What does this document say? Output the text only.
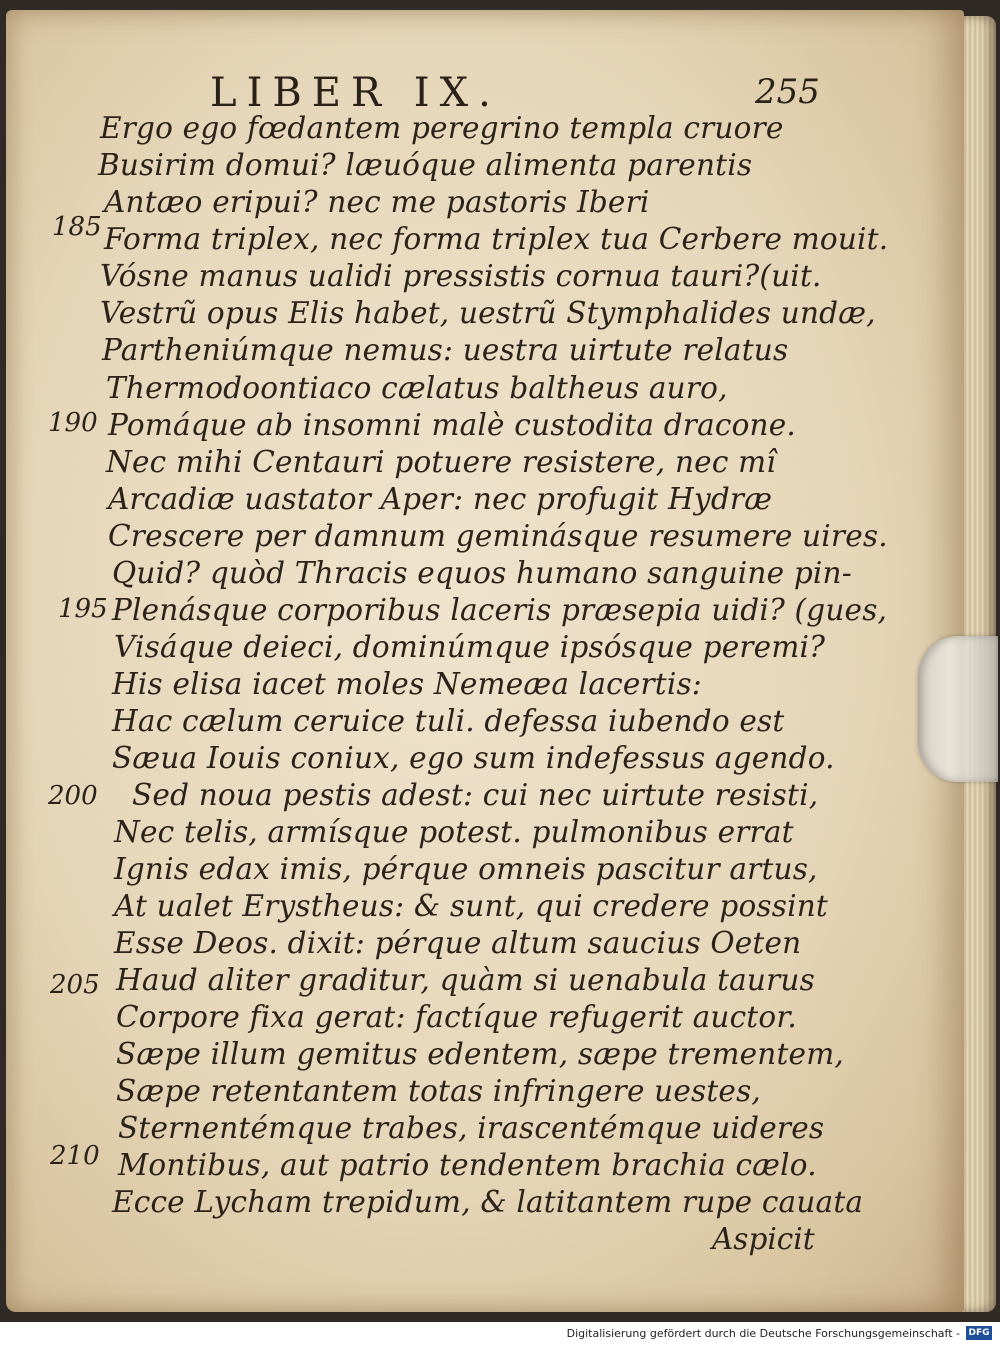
LIBER IX.	255
Ergo ego fœdantem peregrino templa cruore
Busirim domui? læuóque alimenta parentis
Antæo eripui? nec me pastoris Iberi
Forma triplex, nec forma triplex tua Cerbere mouit.
Vósne manus ualidi pressistis cornua tauri?(uit.
Vestrũ opus Elis habet, uestrũ Stymphalides undæ,
Partheniúmque nemus: uestra uirtute relatus
Thermodoontiaco cælatus baltheus auro,
Pomáque ab insomni malè custodita dracone.
Nec mihi Centauri potuere resistere, nec mî
Arcadiæ uastator Aper: nec profugit Hydræ
Crescere per damnum geminásque resumere uires.
Quid? quòd Thracis equos humano sanguine pin-
Plenásque corporibus laceris præsepia uidi? (gues,
Visáque deieci, dominúmque ipsósque peremi?
His elisa iacet moles Nemeæa lacertis:
Hac cælum ceruice tuli. defessa iubendo est
Sæua Iouis coniux, ego sum indefessus agendo.
Sed noua pestis adest: cui nec uirtute resisti,
Nec telis, armísque potest. pulmonibus errat
Ignis edax imis, pérque omneis pascitur artus,
At ualet Erystheus: & sunt, qui credere possint
Esse Deos. dixit: pérque altum saucius Oeten
Haud aliter graditur, quàm si uenabula taurus
Corpore fixa gerat: factíque refugerit auctor.
Sæpe illum gemitus edentem, sæpe trementem,
Sæpe retentantem totas infringere uestes,
Sternentémque trabes, irascentémque uideres
Montibus, aut patrio tendentem brachia cælo.
Ecce Lycham trepidum, & latitantem rupe cauata
185
190
195
200
205
210
Aspicit
Digitalisierung gefördert durch die Deutsche Forschungsgemeinschaft - DFG
